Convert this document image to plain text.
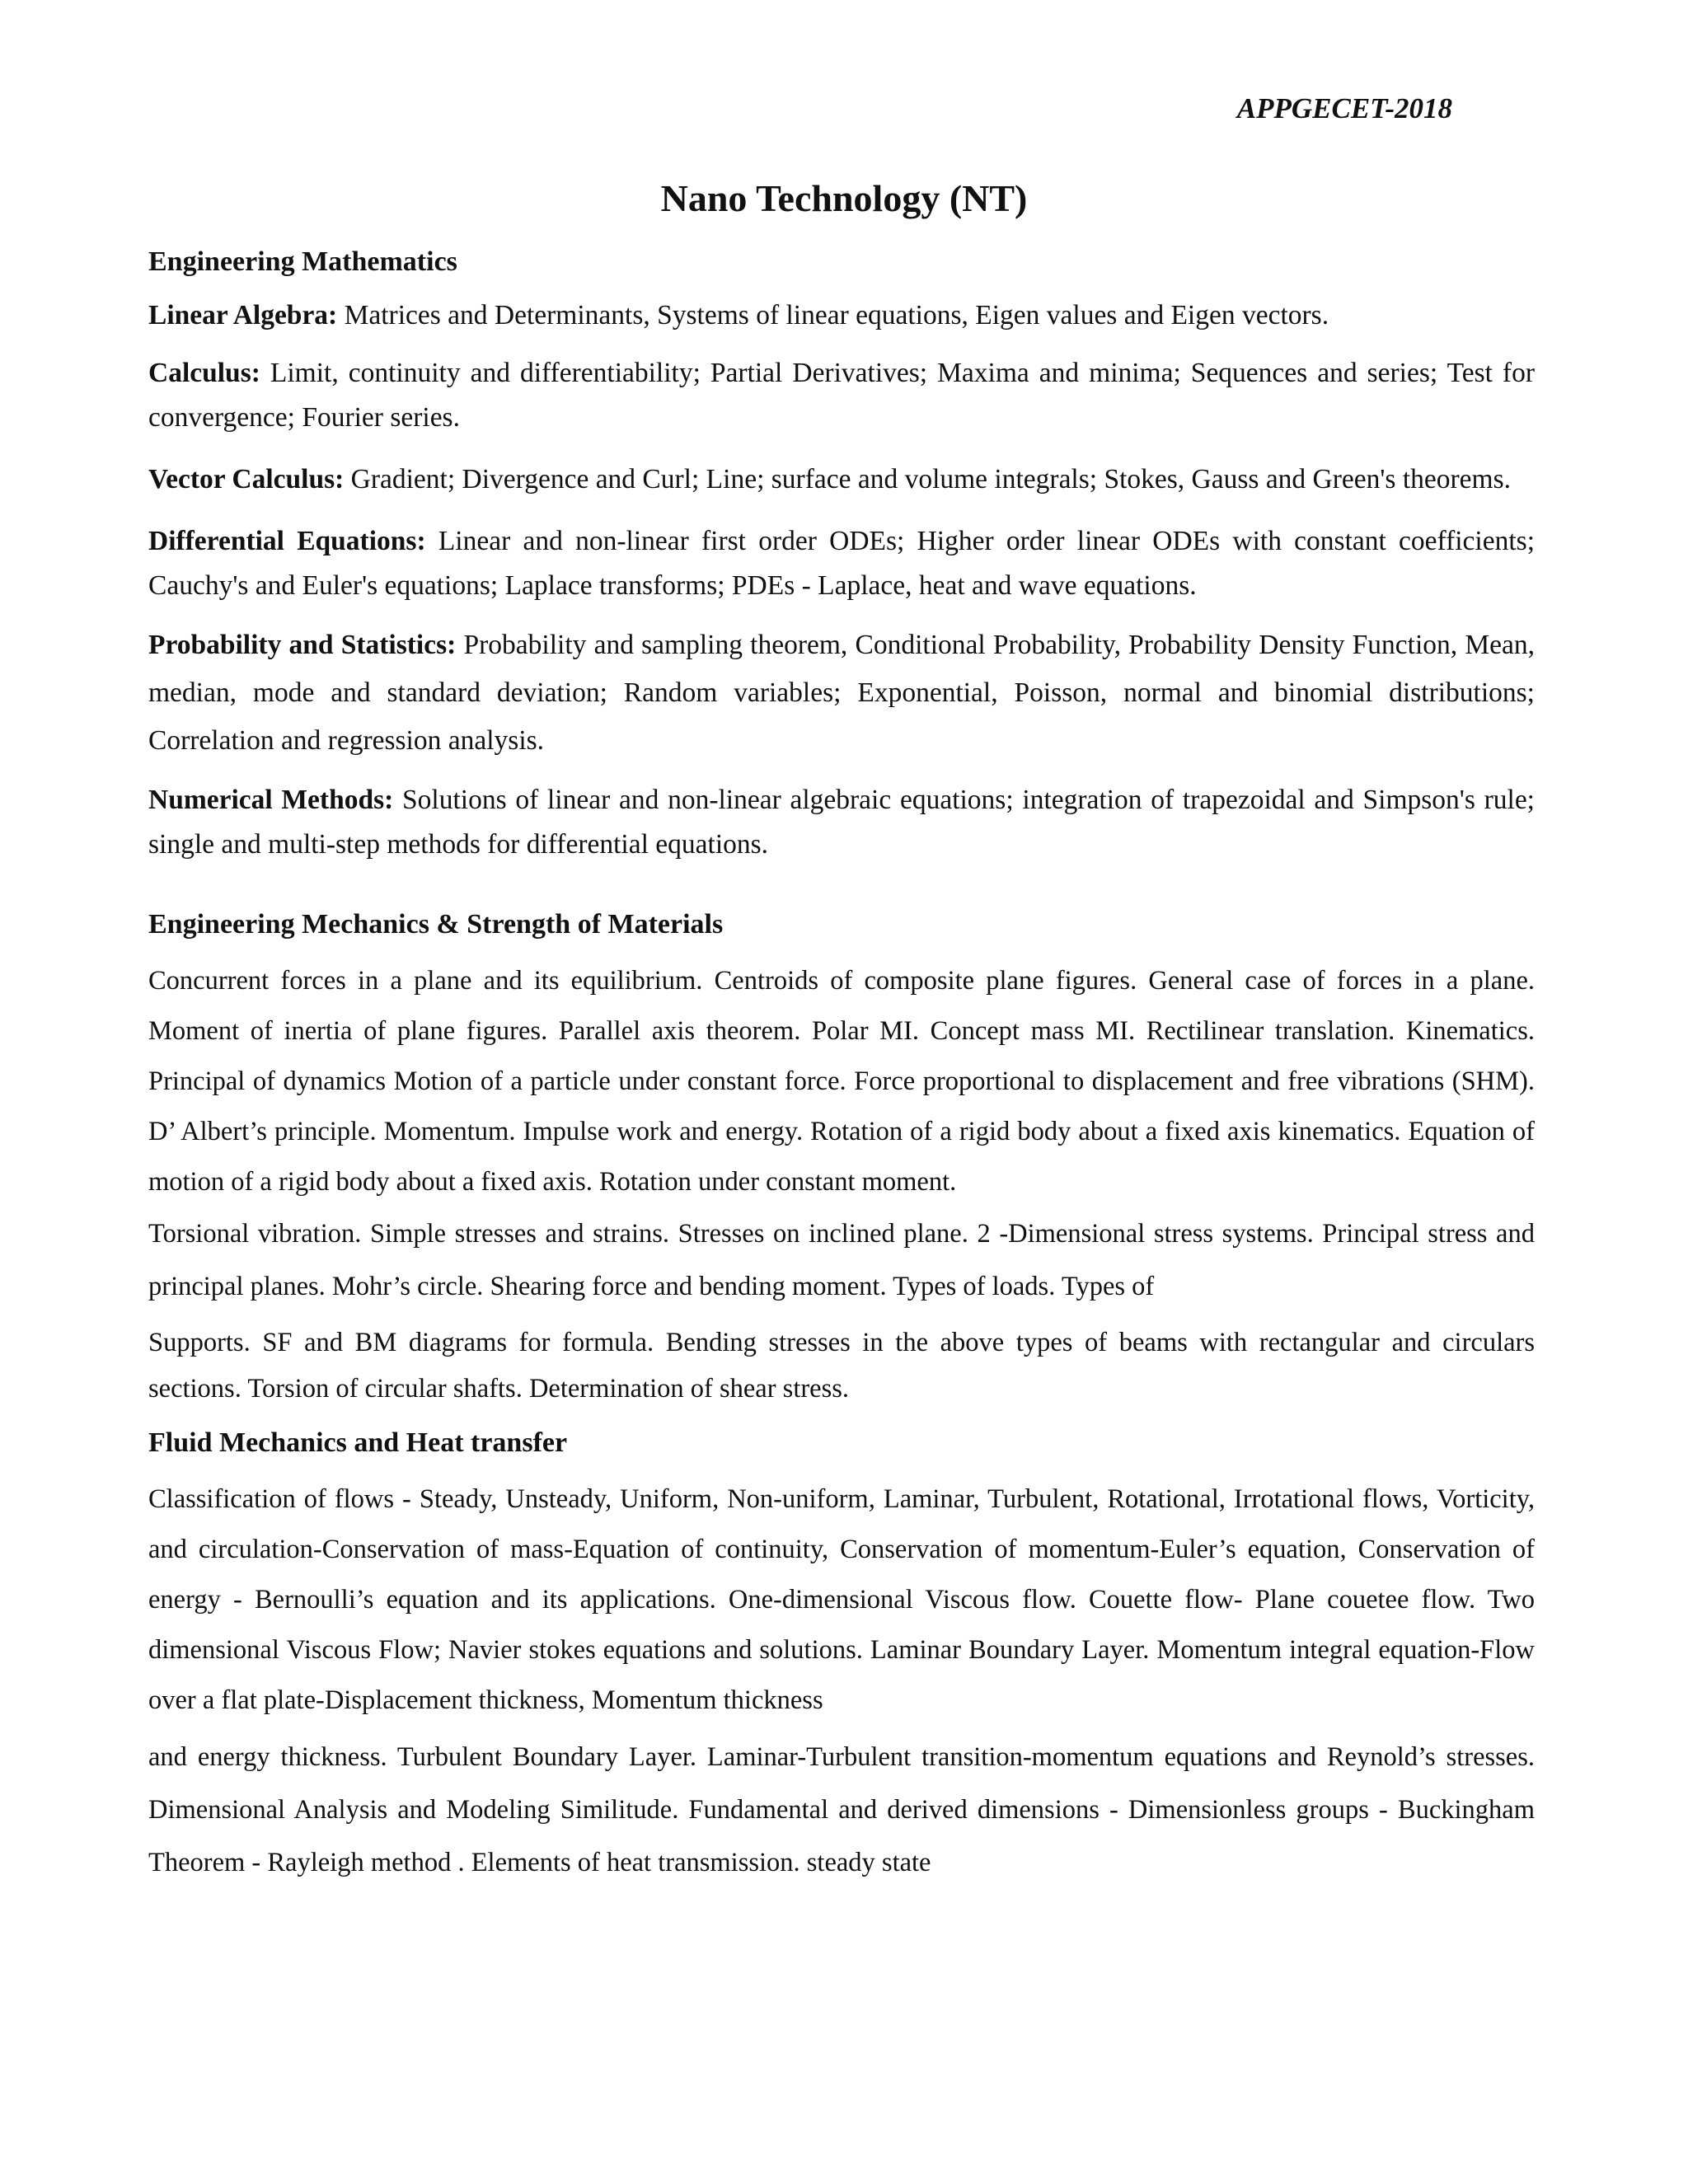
APPGECET-2018
Nano Technology (NT)
Engineering Mathematics

Linear Algebra: Matrices and Determinants, Systems of linear equations, Eigen values and Eigen vectors.

Calculus: Limit, continuity and differentiability; Partial Derivatives; Maxima and minima; Sequences and series; Test for convergence; Fourier series.

Vector Calculus: Gradient; Divergence and Curl; Line; surface and volume integrals; Stokes, Gauss and Green's theorems.

Differential Equations: Linear and non-linear first order ODEs; Higher order linear ODEs with constant coefficients; Cauchy's and Euler's equations; Laplace transforms; PDEs - Laplace, heat and wave equations.

Probability and Statistics: Probability and sampling theorem, Conditional Probability, Probability Density Function, Mean, median, mode and standard deviation; Random variables; Exponential, Poisson, normal and binomial distributions; Correlation and regression analysis.

Numerical Methods: Solutions of linear and non-linear algebraic equations; integration of trapezoidal and Simpson's rule; single and multi-step methods for differential equations.

Engineering Mechanics & Strength of Materials

Concurrent forces in a plane and its equilibrium. Centroids of composite plane figures. General case of forces in a plane. Moment of inertia of plane figures. Parallel axis theorem. Polar MI. Concept mass MI. Rectilinear translation. Kinematics. Principal of dynamics Motion of a particle under constant force. Force proportional to displacement and free vibrations (SHM). D’ Albert’s principle. Momentum. Impulse work and energy. Rotation of a rigid body about a fixed axis kinematics. Equation of motion of a rigid body about a fixed axis. Rotation under constant moment.

Torsional vibration. Simple stresses and strains. Stresses on inclined plane. 2 -Dimensional stress systems. Principal stress and principal planes. Mohr’s circle. Shearing force and bending moment. Types of loads. Types of

Supports. SF and BM diagrams for formula. Bending stresses in the above types of beams with rectangular and circulars sections. Torsion of circular shafts. Determination of shear stress.

Fluid Mechanics and Heat transfer

Classification of flows - Steady, Unsteady, Uniform, Non-uniform, Laminar, Turbulent, Rotational, Irrotational flows, Vorticity, and circulation-Conservation of mass-Equation of continuity, Conservation of momentum-Euler’s equation, Conservation of energy - Bernoulli’s equation and its applications. One-dimensional Viscous flow. Couette flow- Plane couetee flow. Two dimensional Viscous Flow; Navier stokes equations and solutions. Laminar Boundary Layer. Momentum integral equation-Flow over a flat plate-Displacement thickness, Momentum thickness

and energy thickness. Turbulent Boundary Layer. Laminar-Turbulent transition-momentum equations and Reynold’s stresses. Dimensional Analysis and Modeling Similitude. Fundamental and derived dimensions - Dimensionless groups - Buckingham Theorem - Rayleigh method . Elements of heat transmission. steady state
